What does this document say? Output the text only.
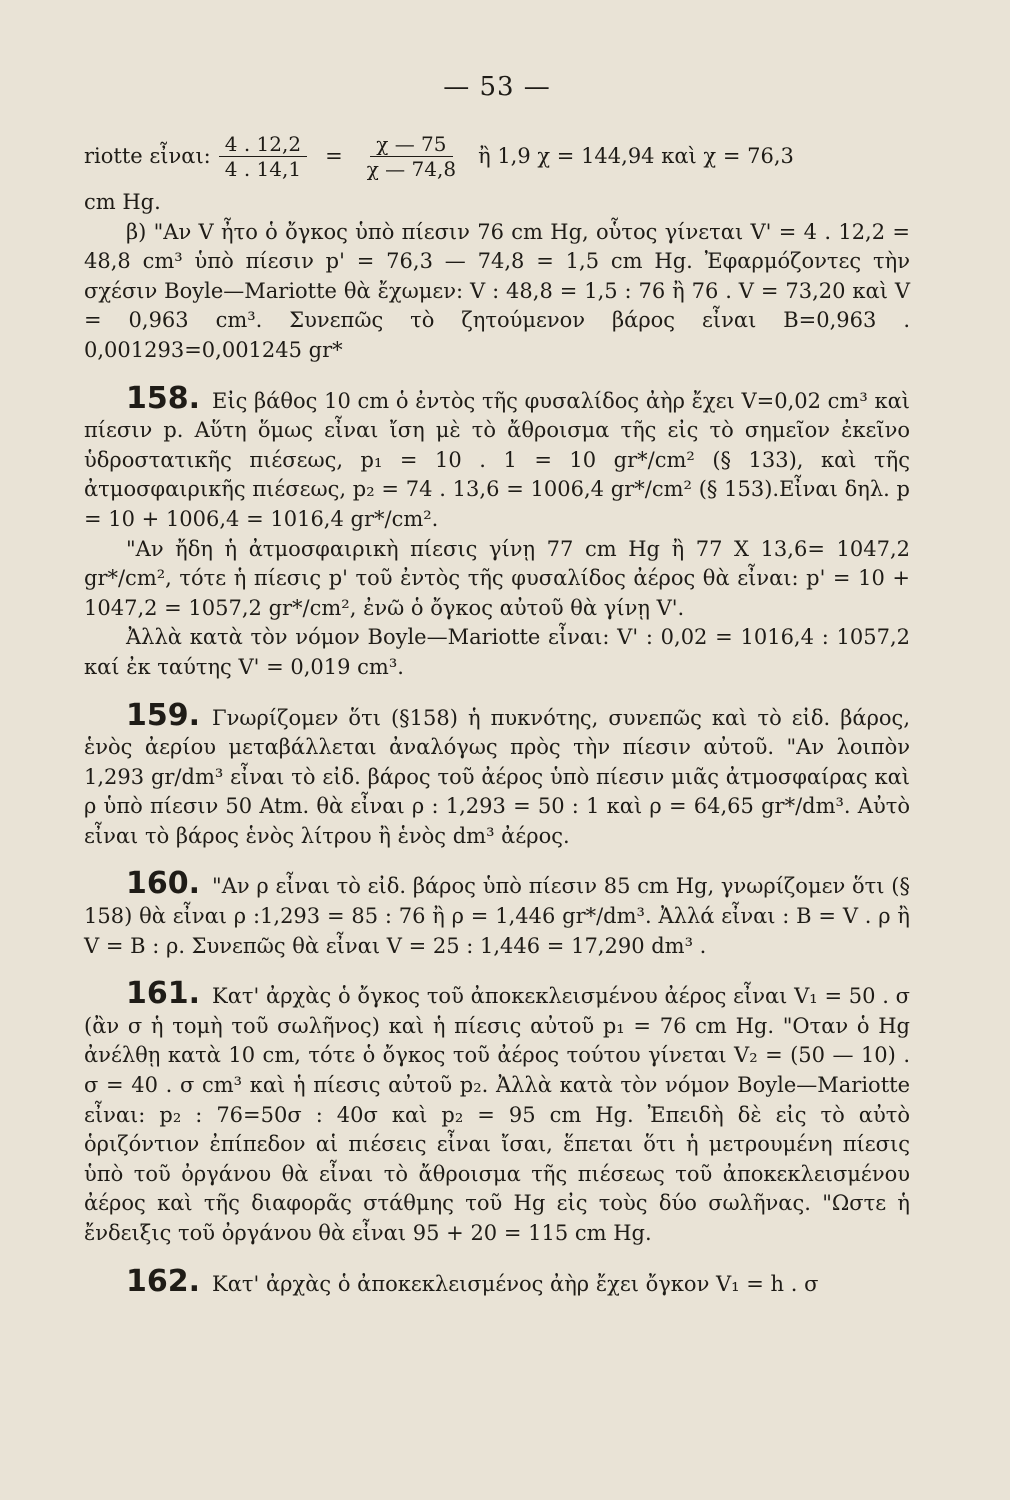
— 53 —
riotte εἶναι: $\frac{4 . 12,2}{4 . 14,1} = \frac{\chi — 75}{\chi — 74,8}$ ἢ 1,9 χ = 144,94 καὶ χ = 76,3

cm Hg.

β) "Αν V ἦτο ὁ ὄγκος ὑπὸ πίεσιν 76 cm Hg, οὗτος γίνεται V' = 4 . 12,2 = 48,8 cm³ ὑπὸ πίεσιν p' = 76,3 — 74,8 = 1,5 cm Hg. Ἐφαρμόζοντες τὴν σχέσιν Boyle—Mariotte θὰ ἔχωμεν: V : 48,8 = 1,5 : 76 ἢ 76 . V = 73,20 καὶ V = 0,963 cm³. Συνεπῶς τὸ ζητούμενον βάρος εἶναι B=0,963 . 0,001293=0,001245 gr*

158. Εἰς βάθος 10 cm ὁ ἐντὸς τῆς φυσαλίδος ἀὴρ ἔχει V=0,02 cm³ καὶ πίεσιν p. Αὕτη ὅμως εἶναι ἴση μὲ τὸ ἄθροισμα τῆς εἰς τὸ σημεῖον ἐκεῖνο ὑδροστατικῆς πιέσεως, p₁ = 10 . 1 = 10 gr*/cm² (§ 133), καὶ τῆς ἀτμοσφαιρικῆς πιέσεως, p₂ = 74 . 13,6 = 1006,4 gr*/cm² (§ 153).Εἶναι δηλ. p = 10 + 1006,4 = 1016,4 gr*/cm².

"Αν ἤδη ἡ ἀτμοσφαιρικὴ πίεσις γίνῃ 77 cm Hg ἢ 77 X 13,6= 1047,2 gr*/cm², τότε ἡ πίεσις p' τοῦ ἐντὸς τῆς φυσαλίδος ἀέρος θὰ εἶναι: p' = 10 + 1047,2 = 1057,2 gr*/cm², ἐνῶ ὁ ὄγκος αὐτοῦ θὰ γίνῃ V'.

Ἀλλὰ κατὰ τὸν νόμον Boyle—Mariotte εἶναι: V' : 0,02 = 1016,4 : 1057,2 καί ἐκ ταύτης V' = 0,019 cm³.

159. Γνωρίζομεν ὅτι (§158) ἡ πυκνότης, συνεπῶς καὶ τὸ εἰδ. βάρος, ἑνὸς ἀερίου μεταβάλλεται ἀναλόγως πρὸς τὴν πίεσιν αὐτοῦ. "Αν λοιπὸν 1,293 gr/dm³ εἶναι τὸ εἰδ. βάρος τοῦ ἀέρος ὑπὸ πίεσιν μιᾶς ἀτμοσφαίρας καὶ ρ ὑπὸ πίεσιν 50 Atm. θὰ εἶναι ρ : 1,293 = 50 : 1 καὶ ρ = 64,65 gr*/dm³. Αὐτὸ εἶναι τὸ βάρος ἑνὸς λίτρου ἢ ἑνὸς dm³ ἀέρος.

160. "Αν ρ εἶναι τὸ εἰδ. βάρος ὑπὸ πίεσιν 85 cm Hg, γνωρίζομεν ὅτι (§ 158) θὰ εἶναι ρ :1,293 = 85 : 76 ἢ ρ = 1,446 gr*/dm³. Ἀλλά εἶναι : B = V . ρ ἢ V = B : ρ. Συνεπῶς θὰ εἶναι V = 25 : 1,446 = 17,290 dm³ .

161. Κατ' ἀρχὰς ὁ ὄγκος τοῦ ἀποκεκλεισμένου ἀέρος εἶναι V₁ = 50 . σ (ἂν σ ἡ τομὴ τοῦ σωλῆνος) καὶ ἡ πίεσις αὐτοῦ p₁ = 76 cm Hg. "Οταν ὁ Hg ἀνέλθῃ κατὰ 10 cm, τότε ὁ ὄγκος τοῦ ἀέρος τούτου γίνεται V₂ = (50 — 10) . σ = 40 . σ cm³ καὶ ἡ πίεσις αὐτοῦ p₂. Ἀλλὰ κατὰ τὸν νόμον Boyle—Mariotte εἶναι: p₂ : 76=50σ : 40σ καὶ p₂ = 95 cm Hg. Ἐπειδὴ δὲ εἰς τὸ αὐτὸ ὁριζόντιον ἐπίπεδον αἱ πιέσεις εἶναι ἴσαι, ἕπεται ὅτι ἡ μετρουμένη πίεσις ὑπὸ τοῦ ὀργάνου θὰ εἶναι τὸ ἄθροισμα τῆς πιέσεως τοῦ ἀποκεκλεισμένου ἀέρος καὶ τῆς διαφορᾶς στάθμης τοῦ Hg εἰς τοὺς δύο σωλῆνας. "Ωστε ἡ ἔνδειξις τοῦ ὀργάνου θὰ εἶναι 95 + 20 = 115 cm Hg.

162. Κατ' ἀρχὰς ὁ ἀποκεκλεισμένος ἀὴρ ἔχει ὄγκον V₁ = h . σ
